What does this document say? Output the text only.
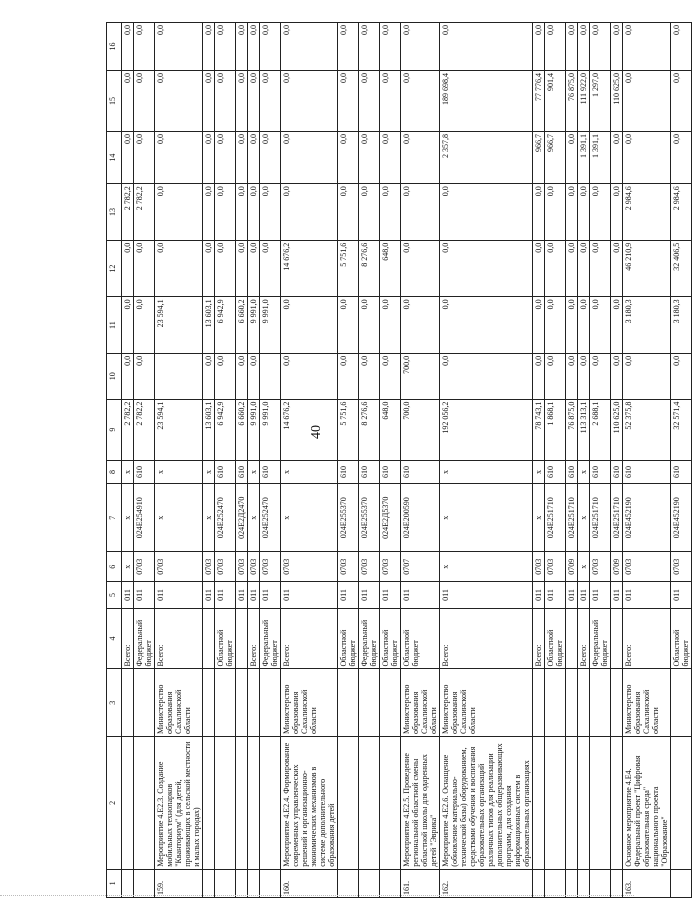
40
1	2	3	4	5	6	7	8	9	10	11	12	13	14	15	16
			Всего:	011	x	x	x	2 782,2	0,0	0,0	0,0	2 782,2	0,0	0,0	0,0
			Федеральный бюджет	011	0703	024E254910	610	2 782,2	0,0	0,0	0,0	2 782,2	0,0	0,0	0,0
159.	Мероприятие 4.Е2.3. Создание мобильных технопарков "Кванториум" (для детей, проживающих в сельской местности и малых городах)	Министерство образования Сахалинской области	Всего:	011	0703	x	x	23 594,1		23 594,1	0,0	0,0	0,0	0,0	0,0
				011	0703	x	x	13 603,1	0,0	13 603,1	0,0	0,0	0,0	0,0	0,0
			Областной бюджет	011	0703	024E252470	610	6 942,9	0,0	6 942,9	0,0	0,0	0,0	0,0	0,0
				011	0703	024E2Д2470	610	6 660,2	0,0	6 660,2	0,0	0,0	0,0	0,0	0,0
			Всего:	011	0703	x	x	9 991,0	0,0	9 991,0	0,0	0,0	0,0	0,0	0,0
			Федеральный бюджет	011	0703	024E252470	610	9 991,0		9 991,0	0,0	0,0	0,0	0,0	0,0
160.	Мероприятие 4.Е2.4. Формирование современных управленческих решений и организационно-экономических механизмов в системе дополнительного образования детей	Министерство образования Сахалинской области	Всего:	011	0703	x	x	14 676,2	0,0	0,0	14 676,2	0,0	0,0	0,0	0,0
			Областной бюджет	011	0703	024E255370	610	5 751,6	0,0	0,0	5 751,6	0,0	0,0	0,0	0,0
			Федеральный бюджет	011	0703	024E255370	610	8 276,6	0,0	0,0	8 276,6	0,0	0,0	0,0	0,0
			Областной бюджет	011	0703	024E2Д5370	610	648,0	0,0	0,0	648,0	0,0	0,0	0,0	0,0
161.	Мероприятие 4.Е2.5. Проведение региональной областной смены областной школы для одаренных детей "Эврика"	Министерство образования Сахалинской области	Областной бюджет	011	0707	024E200590	610	700,0	700,0	0,0	0,0	0,0	0,0	0,0	0,0
162.	Мероприятие 4.Е2.6. Оснащение (обновление материально-технической базы) оборудованием, средствами обучения и воспитания образовательных организаций различных типов для реализации дополнительных общеразвивающих программ, для создания информационных систем в образовательных организациях	Министерство образования Сахалинской области	Всего:	011	x	x	x	192 056,2	0,0	0,0	0,0	0,0	2 357,8	189 698,4	0,0
			Всего:	011	0703	x	x	78 743,1	0,0	0,0	0,0	0,0	966,7	77 776,4	0,0
			Областной бюджет	011	0703	024E251710	610	1 868,1	0,0	0,0	0,0	0,0	966,7	901,4	0,0
				011	0709	024E251710	610	76 875,0	0,0	0,0	0,0	0,0	0,0	76 875,0	0,0
			Всего:	011	x	x	x	113 313,1	0,0	0,0	0,0	0,0	1 391,1	111 922,0	0,0
			Федеральный бюджет	011	0703	024E251710	610	2 688,1	0,0	0,0	0,0	0,0	1 391,1	1 297,0	0,0
				011	0709	024E251710	610	110 625,0	0,0	0,0	0,0	0,0	0,0	110 625,0	0,0
163.	Основное мероприятие 4.Е4. Федеральный проект "Цифровая образовательная среда" национального проекта "Образование"	Министерство образования Сахалинской области	Всего:	011	0703	024E452190	610	52 375,8	0,0	3 180,3	46 210,9	2 984,6	0,0	0,0	0,0
			Областной бюджет	011	0703	024E452190	610	32 571,4	0,0	3 180,3	32 406,5	2 984,6	0,0	0,0	0,0
